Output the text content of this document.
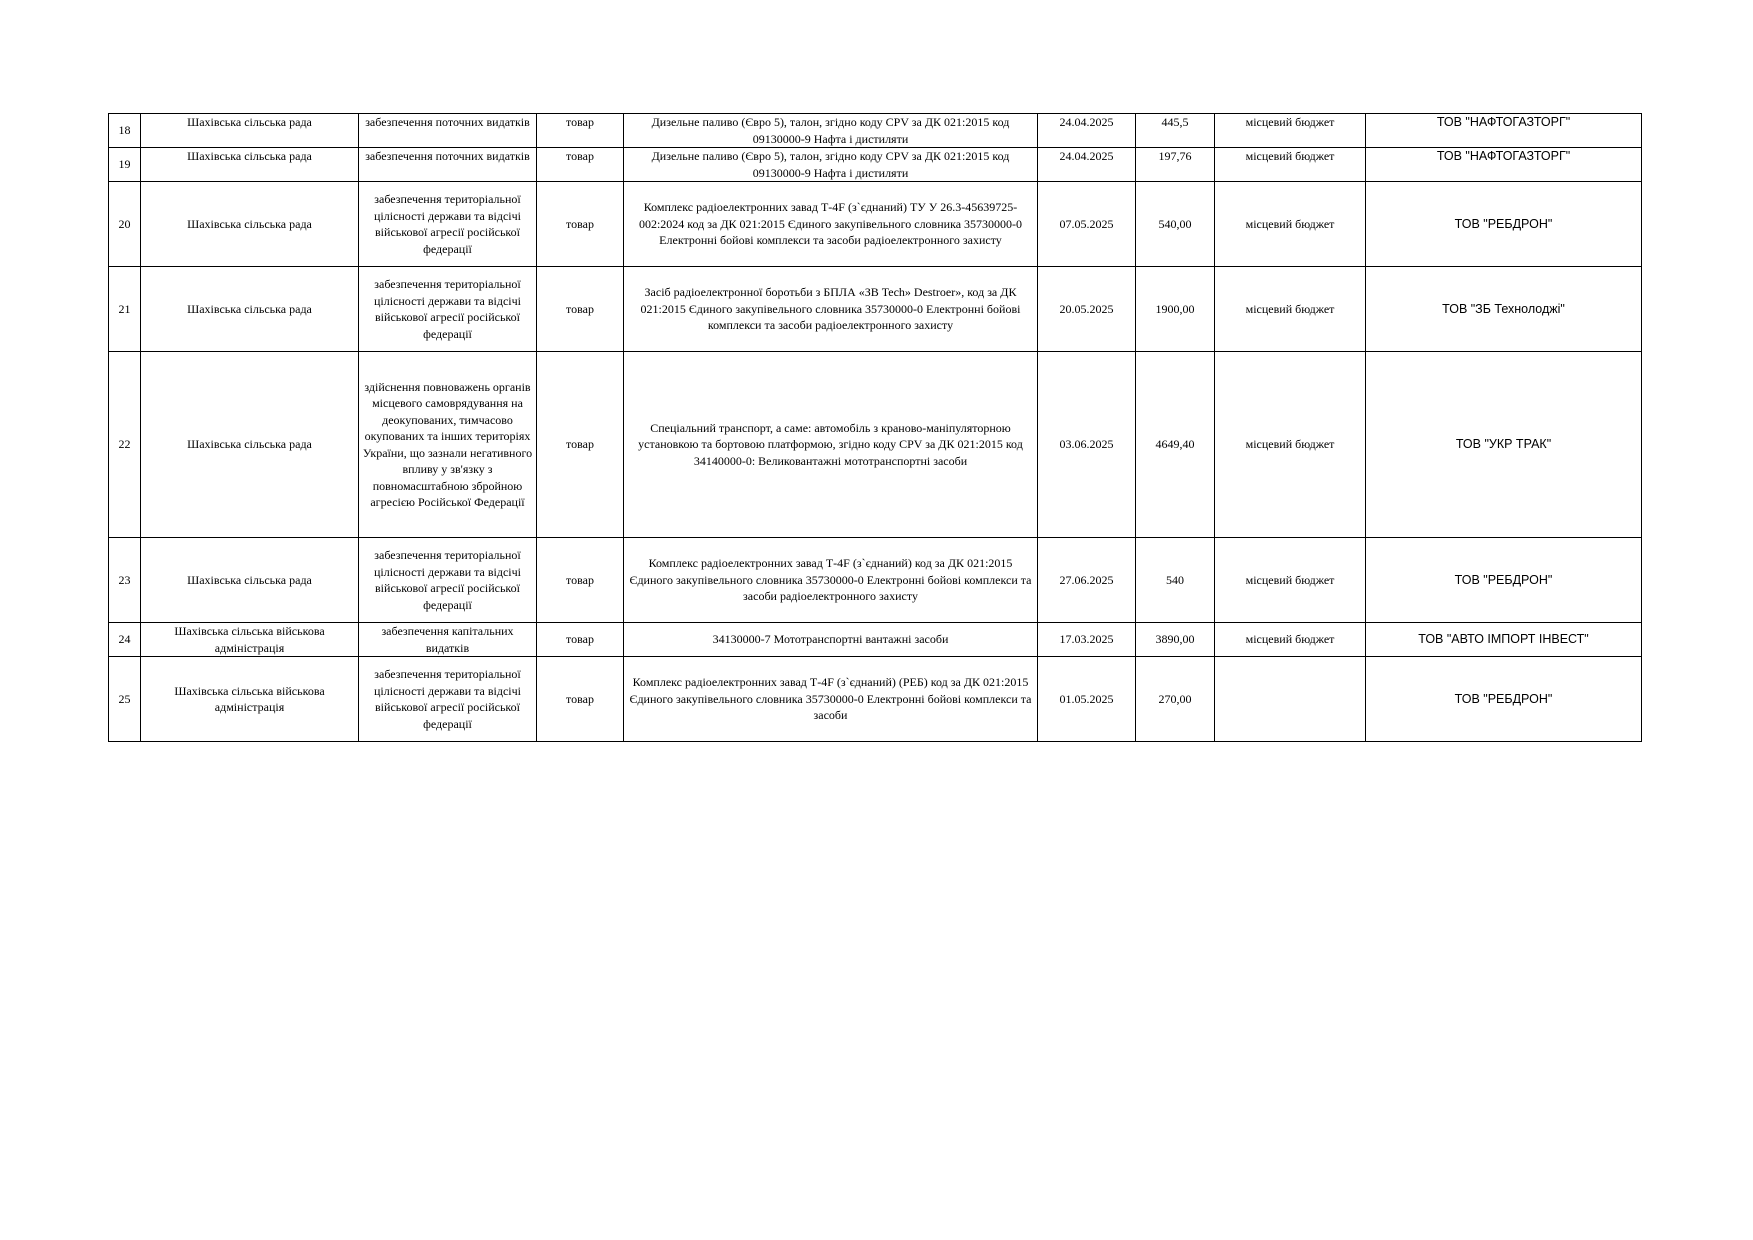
18	Шахівська сільська рада	забезпечення поточних видатків	товар	Дизельне паливо (Євро 5), талон, згідно коду CPV за ДК 021:2015 код 09130000-9 Нафта і дистиляти	24.04.2025	445,5	місцевий бюджет	ТОВ "НАФТОГАЗТОРГ"
19	Шахівська сільська рада	забезпечення поточних видатків	товар	Дизельне паливо (Євро 5), талон, згідно коду CPV за ДК 021:2015 код 09130000-9 Нафта і дистиляти	24.04.2025	197,76	місцевий бюджет	ТОВ "НАФТОГАЗТОРГ"
20	Шахівська сільська рада	забезпечення територіальної цілісності держави та відсічі військової агресії російської федерації	товар	Комплекс радіоелектронних завад Т-4F (з`єднаний) ТУ У 26.3-45639725-002:2024 код за ДК 021:2015 Єдиного закупівельного словника 35730000-0 Електронні бойові комплекси та засоби радіоелектронного захисту	07.05.2025	540,00	місцевий бюджет	ТОВ "РЕБДРОН"
21	Шахівська сільська рада	забезпечення територіальної цілісності держави та відсічі військової агресії російської федерації	товар	Засіб радіоелектронної боротьби з БПЛА «ЗВ Tech» Destroer», код за ДК 021:2015 Єдиного закупівельного словника 35730000-0 Електронні бойові комплекси та засоби радіоелектронного захисту	20.05.2025	1900,00	місцевий бюджет	ТОВ "ЗБ Технолоджі"
22	Шахівська сільська рада	здійснення повноважень органів місцевого самоврядування на деокупованих, тимчасово окупованих та інших територіях України, що зазнали негативного впливу у зв'язку з повномасштабною збройною агресією Російської Федерації	товар	Спеціальний транспорт, а саме: автомобіль з краново-маніпуляторною установкою та бортовою платформою, згідно коду CPV за ДК 021:2015 код 34140000-0: Великовантажні мототранспортні засоби	03.06.2025	4649,40	місцевий бюджет	ТОВ "УКР ТРАК"
23	Шахівська сільська рада	забезпечення територіальної цілісності держави та відсічі військової агресії російської федерації	товар	Комплекс радіоелектронних завад Т-4F (з`єднаний) код за ДК 021:2015 Єдиного закупівельного словника 35730000-0 Електронні бойові комплекси та засоби радіоелектронного захисту	27.06.2025	540	місцевий бюджет	ТОВ "РЕБДРОН"
24	Шахівська сільська військова адміністрація	забезпечення капітальних видатків	товар	34130000-7 Мототранспортні вантажні засоби	17.03.2025	3890,00	місцевий бюджет	ТОВ "АВТО ІМПОРТ ІНВЕСТ"
25	Шахівська сільська військова адміністрація	забезпечення територіальної цілісності держави та відсічі військової агресії російської федерації	товар	Комплекс радіоелектронних завад Т-4F (з`єднаний) (РЕБ) код за ДК 021:2015 Єдиного закупівельного словника 35730000-0 Електронні бойові комплекси та засоби	01.05.2025	270,00		ТОВ "РЕБДРОН"
